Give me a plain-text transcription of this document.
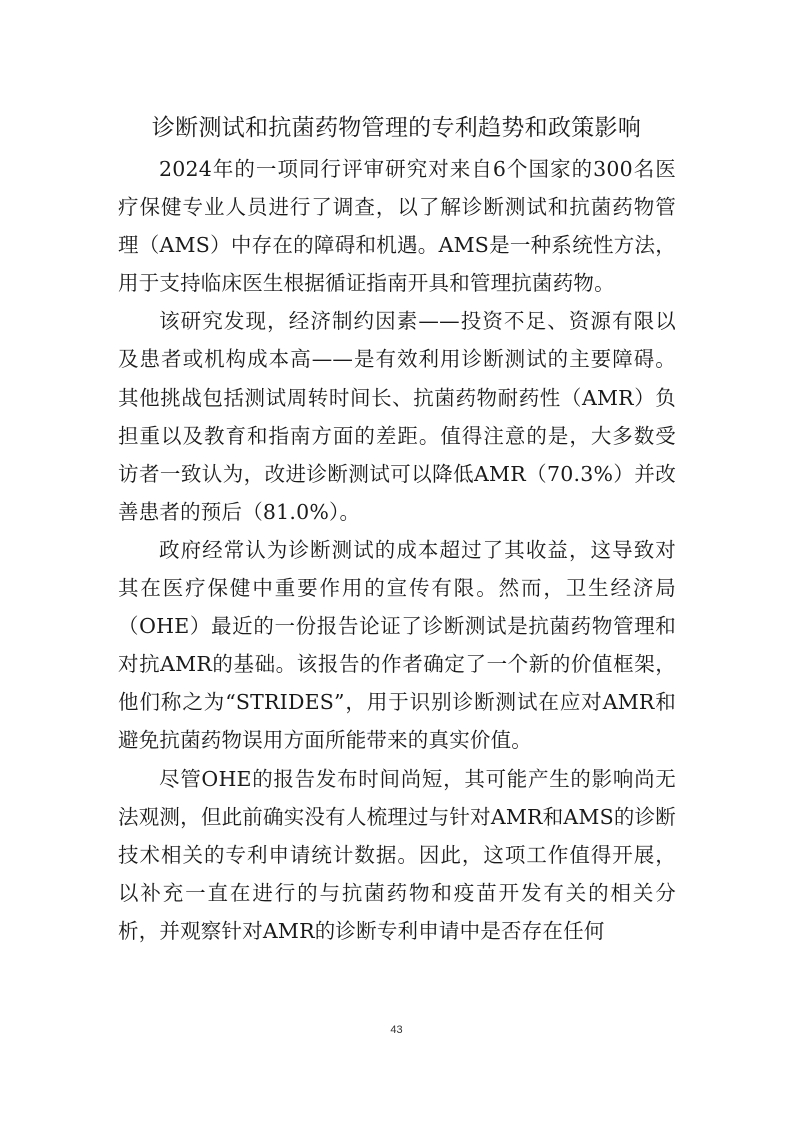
诊断测试和抗菌药物管理的专利趋势和政策影响

2024年的一项同行评审研究对来自6个国家的300名医疗保健专业人员进行了调查，以了解诊断测试和抗菌药物管理（AMS）中存在的障碍和机遇。AMS是一种系统性方法，用于支持临床医生根据循证指南开具和管理抗菌药物。

该研究发现，经济制约因素——投资不足、资源有限以及患者或机构成本高——是有效利用诊断测试的主要障碍。其他挑战包括测试周转时间长、抗菌药物耐药性（AMR）负担重以及教育和指南方面的差距。值得注意的是，大多数受访者一致认为，改进诊断测试可以降低AMR（70.3%）并改善患者的预后（81.0%）。

政府经常认为诊断测试的成本超过了其收益，这导致对其在医疗保健中重要作用的宣传有限。然而，卫生经济局（OHE）最近的一份报告论证了诊断测试是抗菌药物管理和对抗AMR的基础。该报告的作者确定了一个新的价值框架，他们称之为“STRIDES”，用于识别诊断测试在应对AMR和避免抗菌药物误用方面所能带来的真实价值。

尽管OHE的报告发布时间尚短，其可能产生的影响尚无法观测，但此前确实没有人梳理过与针对AMR和AMS的诊断技术相关的专利申请统计数据。因此，这项工作值得开展，以补充一直在进行的与抗菌药物和疫苗开发有关的相关分析，并观察针对AMR的诊断专利申请中是否存在任何

43
